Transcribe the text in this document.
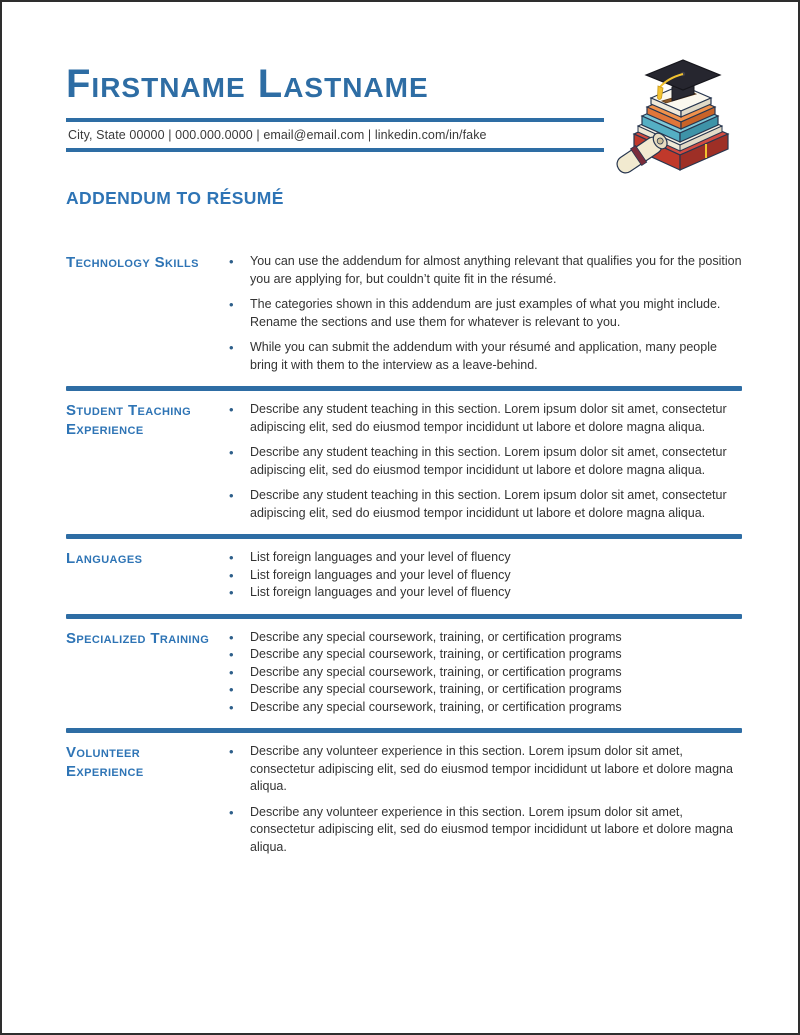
Firstname Lastname
City, State 00000 | 000.000.0000 | email@email.com | linkedin.com/in/fake
ADDENDUM TO RÉSUMÉ
Technology Skills	• You can use the addendum for almost anything relevant that qualifies you for the position you are applying for, but couldn’t quite fit in the résumé.
• The categories shown in this addendum are just examples of what you might include. Rename the sections and use them for whatever is relevant to you.
• While you can submit the addendum with your résumé and application, many people bring it with them to the interview as a leave-behind.
Student Teaching Experience
• Describe any student teaching in this section. Lorem ipsum dolor sit amet, consectetur adipiscing elit, sed do eiusmod tempor incididunt ut labore et dolore magna aliqua.
• Describe any student teaching in this section. Lorem ipsum dolor sit amet, consectetur adipiscing elit, sed do eiusmod tempor incididunt ut labore et dolore magna aliqua.
• Describe any student teaching in this section. Lorem ipsum dolor sit amet, consectetur adipiscing elit, sed do eiusmod tempor incididunt ut labore et dolore magna aliqua.
Languages	• List foreign languages and your level of fluency
• List foreign languages and your level of fluency
• List foreign languages and your level of fluency
Specialized Training	• Describe any special coursework, training, or certification programs
• Describe any special coursework, training, or certification programs
• Describe any special coursework, training, or certification programs
• Describe any special coursework, training, or certification programs
• Describe any special coursework, training, or certification programs
Volunteer Experience
• Describe any volunteer experience in this section. Lorem ipsum dolor sit amet, consectetur adipiscing elit, sed do eiusmod tempor incididunt ut labore et dolore magna aliqua.
• Describe any volunteer experience in this section. Lorem ipsum dolor sit amet, consectetur adipiscing elit, sed do eiusmod tempor incididunt ut labore et dolore magna aliqua.
